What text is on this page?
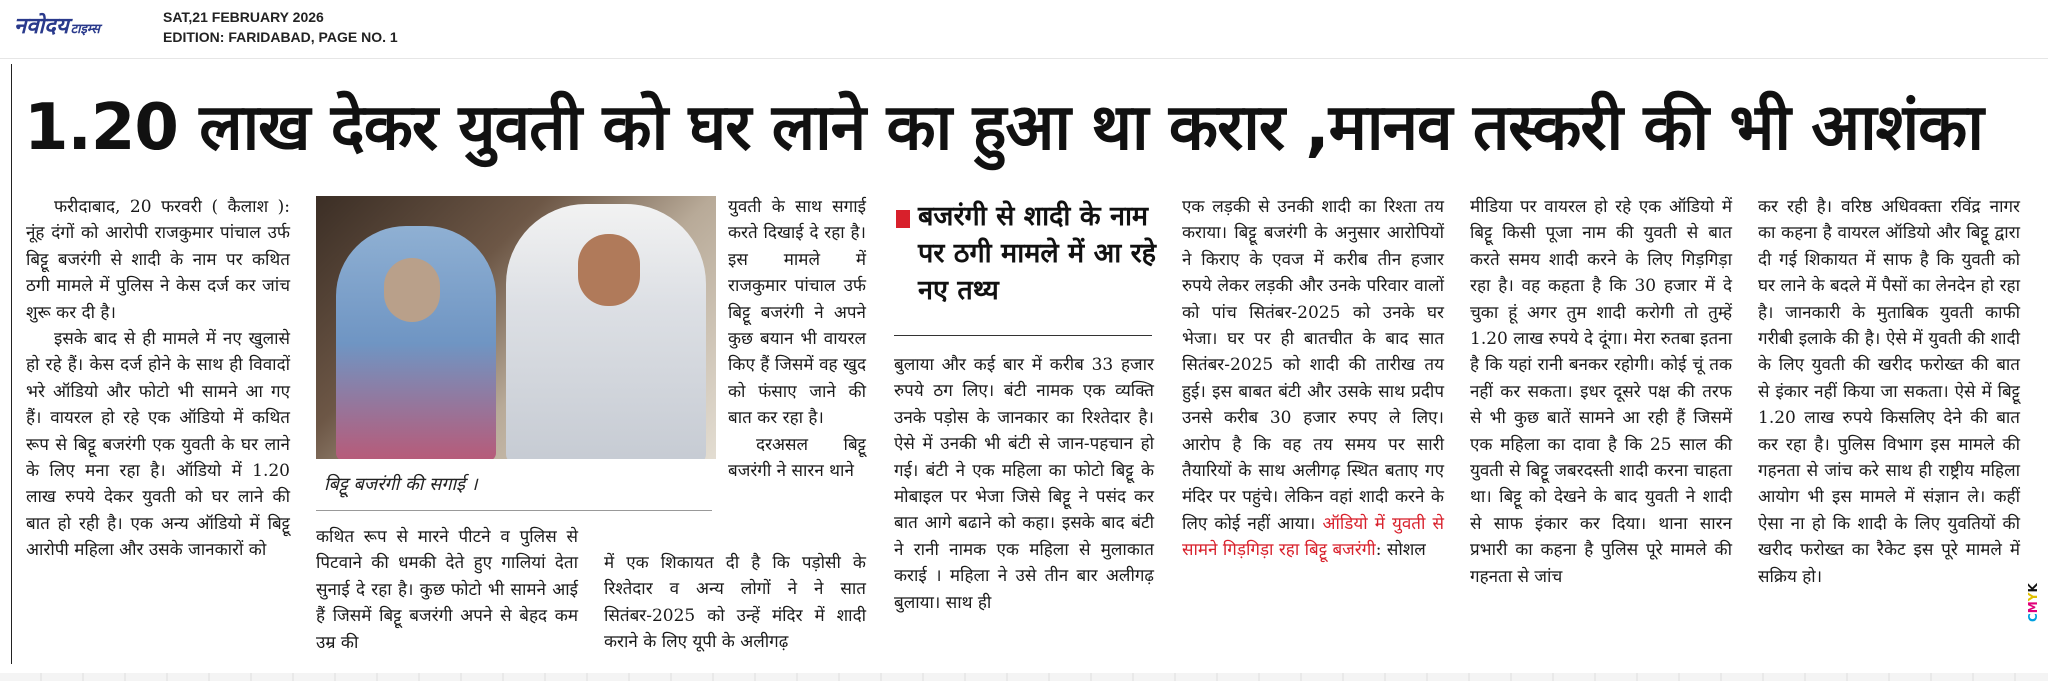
नवोदय टाइम्स
SAT,21 FEBRUARY 2026
EDITION: FARIDABAD, PAGE NO. 1
1.20 लाख देकर युवती को घर लाने का हुआ था करार ,मानव तस्करी की भी आशंका

फरीदाबाद, 20 फरवरी ( कैलाश ): नूंह दंगों को आरोपी राजकुमार पांचाल उर्फ बिट्टू बजरंगी से शादी के नाम पर कथित ठगी मामले में पुलिस ने केस दर्ज कर जांच शुरू कर दी है।

इसके बाद से ही मामले में नए खुलासे हो रहे हैं। केस दर्ज होने के साथ ही विवादों भरे ऑडियो और फोटो भी सामने आ गए हैं। वायरल हो रहे एक ऑडियो में कथित रूप से बिट्टू बजरंगी एक युवती के घर लाने के लिए मना रहा है। ऑडियो में 1.20 लाख रुपये देकर युवती को घर लाने की बात हो रही है। एक अन्य ऑडियो में बिट्टू आरोपी महिला और उसके जानकारों को

बिट्टू बजरंगी की सगाई ।

कथित रूप से मारने पीटने व पुलिस से पिटवाने की धमकी देते हुए गालियां देता सुनाई दे रहा है। कुछ फोटो भी सामने आई हैं जिसमें बिट्टू बजरंगी अपने से बेहद कम उम्र की

युवती के साथ सगाई करते दिखाई दे रहा है। इस मामले में राजकुमार पांचाल उर्फ बिट्टू बजरंगी ने अपने कुछ बयान भी वायरल किए हैं जिसमें वह खुद को फंसाए जाने की बात कर रहा है।

दरअसल बिट्टू बजरंगी ने सारन थाने

में एक शिकायत दी है कि पड़ोसी के रिश्तेदार व अन्य लोगों ने ने सात सितंबर-2025 को उन्हें मंदिर में शादी कराने के लिए यूपी के अलीगढ़

बजरंगी से शादी के नाम पर ठगी मामले में आ रहे नए तथ्य

बुलाया और कई बार में करीब 33 हजार रुपये ठग लिए। बंटी नामक एक व्यक्ति उनके पड़ोस के जानकार का रिश्तेदार है। ऐसे में उनकी भी बंटी से जान-पहचान हो गई। बंटी ने एक महिला का फोटो बिट्टू के मोबाइल पर भेजा जिसे बिट्टू ने पसंद कर बात आगे बढाने को कहा। इसके बाद बंटी ने रानी नामक एक महिला से मुलाकात कराई । महिला ने उसे तीन बार अलीगढ़ बुलाया। साथ ही

एक लड़की से उनकी शादी का रिश्ता तय कराया। बिट्टू बजरंगी के अनुसार आरोपियों ने किराए के एवज में करीब तीन हजार रुपये लेकर लड़की और उनके परिवार वालों को पांच सितंबर-2025 को उनके घर भेजा। घर पर ही बातचीत के बाद सात सितंबर-2025 को शादी की तारीख तय हुई। इस बाबत बंटी और उसके साथ प्रदीप उनसे करीब 30 हजार रुपए ले लिए। आरोप है कि वह तय समय पर सारी तैयारियों के साथ अलीगढ़ स्थित बताए गए मंदिर पर पहुंचे। लेकिन वहां शादी करने के लिए कोई नहीं आया। ऑडियो में युवती से सामने गिड़गिड़ा रहा बिट्टू बजरंगी: सोशल

मीडिया पर वायरल हो रहे एक ऑडियो में बिट्टू किसी पूजा नाम की युवती से बात करते समय शादी करने के लिए गिड़गिड़ा रहा है। वह कहता है कि 30 हजार में दे चुका हूं अगर तुम शादी करोगी तो तुम्हें 1.20 लाख रुपये दे दूंगा। मेरा रुतबा इतना है कि यहां रानी बनकर रहोगी। कोई चूं तक नहीं कर सकता। इधर दूसरे पक्ष की तरफ से भी कुछ बातें सामने आ रही हैं जिसमें एक महिला का दावा है कि 25 साल की युवती से बिट्टू जबरदस्ती शादी करना चाहता था। बिट्टू को देखने के बाद युवती ने शादी से साफ इंकार कर दिया। थाना सारन प्रभारी का कहना है पुलिस पूरे मामले की गहनता से जांच

कर रही है। वरिष्ठ अधिवक्ता रविंद्र नागर का कहना है वायरल ऑडियो और बिट्टू द्वारा दी गई शिकायत में साफ है कि युवती को घर लाने के बदले में पैसों का लेनदेन हो रहा है। जानकारी के मुताबिक युवती काफी गरीबी इलाके की है। ऐसे में युवती की शादी के लिए युवती की खरीद फरोख्त की बात से इंकार नहीं किया जा सकता। ऐसे में बिट्टू 1.20 लाख रुपये किसलिए देने की बात कर रहा है। पुलिस विभाग इस मामले की गहनता से जांच करे साथ ही राष्ट्रीय महिला आयोग भी इस मामले में संज्ञान ले। कहीं ऐसा ना हो कि शादी के लिए युवतियों की खरीद फरोख्त का रैकेट इस पूरे मामले में सक्रिय हो।

CMYK
